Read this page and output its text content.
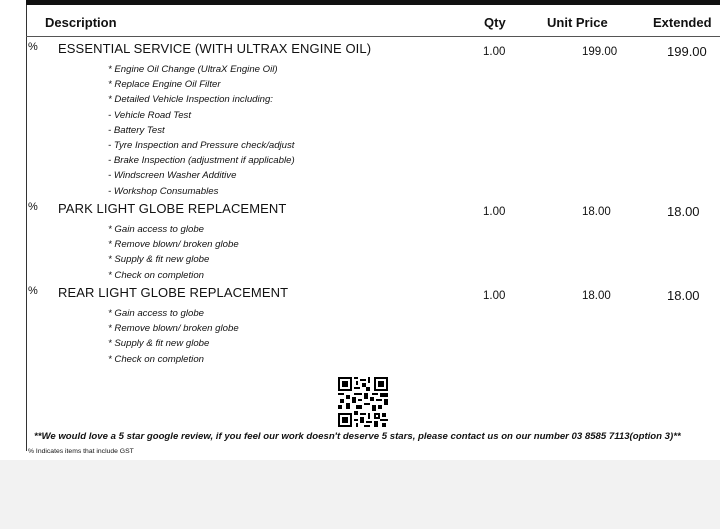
Description	Qty	Unit Price	Extended
% ESSENTIAL SERVICE (WITH ULTRAX ENGINE OIL)	1.00	199.00	199.00
* Engine Oil Change (UltraX Engine Oil)
* Replace Engine Oil Filter
* Detailed Vehicle Inspection including:
- Vehicle Road Test
- Battery Test
- Tyre Inspection and Pressure check/adjust
- Brake Inspection (adjustment if applicable)
- Windscreen Washer Additive
- Workshop Consumables
% PARK LIGHT GLOBE REPLACEMENT	1.00	18.00	18.00
* Gain access to globe
* Remove blown/ broken globe
* Supply & fit new globe
* Check on completion
% REAR LIGHT GLOBE REPLACEMENT	1.00	18.00	18.00
* Gain access to globe
* Remove blown/ broken globe
* Supply & fit new globe
* Check on completion
**We would love a 5 star google review, if you feel our work doesn't deserve 5 stars, please contact us on our number 03 8585 7113(option 3)**
% Indicates items that include GST
